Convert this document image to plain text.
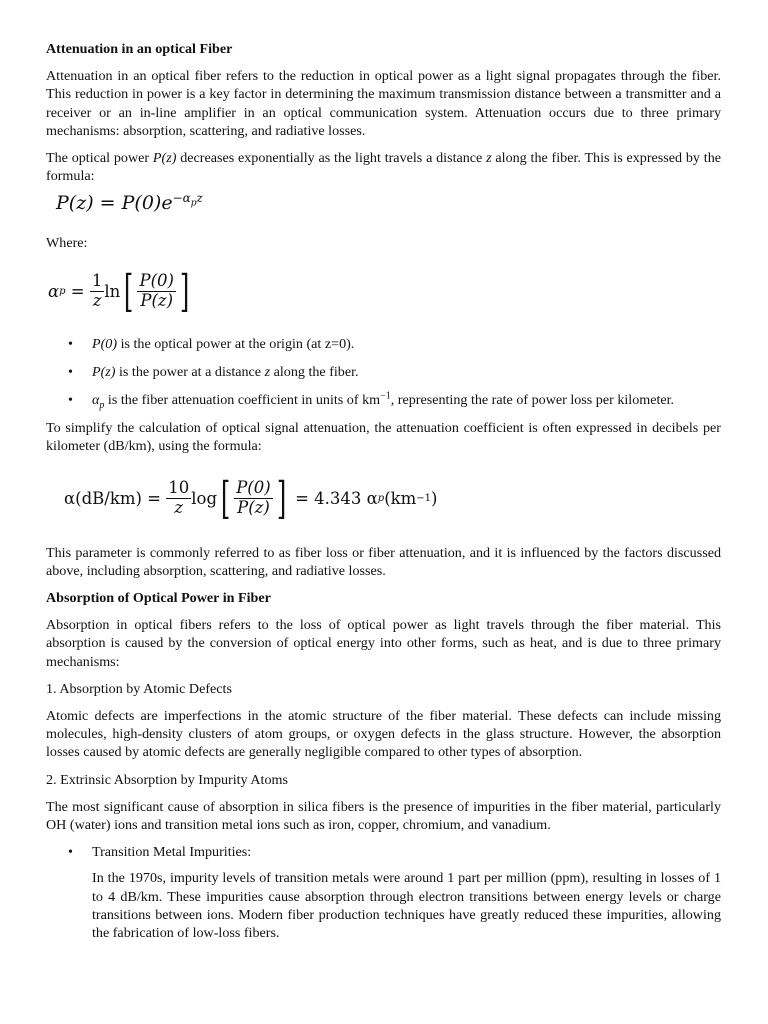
Attenuation in an optical Fiber

Attenuation in an optical fiber refers to the reduction in optical power as a light signal propagates through the fiber. This reduction in power is a key factor in determining the maximum transmission distance between a transmitter and a receiver or an in-line amplifier in an optical communication system. Attenuation occurs due to three primary mechanisms: absorption, scattering, and radiative losses.

The optical power P(z) decreases exponentially as the light travels a distance z along the fiber. This is expressed by the formula:

$P(z) = P(0)e^{-\alpha_pz}$
Where:
α $p = \frac{1}{z}$ ln [ $\frac{P(0)}{P(z)}$ ]
• P(0) is the optical power at the origin (at z=0).
• P(z) is the power at a distance z along the fiber.
• $\alpha_p$ is the fiber attenuation coefficient in units of $km^{-1}$, representing the rate of power loss per kilometer.

To simplify the calculation of optical signal attenuation, the attenuation coefficient is often expressed in decibels per kilometer (dB/km), using the formula:

$\alpha(dB/km) = \frac{10}{z}$ log [ $\frac{P(0)}{P(z)}$ ] = 4.343 α p (km −1 )

This parameter is commonly referred to as fiber loss or fiber attenuation, and it is influenced by the factors discussed above, including absorption, scattering, and radiative losses.

Absorption of Optical Power in Fiber

Absorption in optical fibers refers to the loss of optical power as light travels through the fiber material. This absorption is caused by the conversion of optical energy into other forms, such as heat, and is due to three primary mechanisms:

1. Absorption by Atomic Defects

Atomic defects are imperfections in the atomic structure of the fiber material. These defects can include missing molecules, high-density clusters of atom groups, or oxygen defects in the glass structure. However, the absorption losses caused by atomic defects are generally negligible compared to other types of absorption.

2. Extrinsic Absorption by Impurity Atoms

The most significant cause of absorption in silica fibers is the presence of impurities in the fiber material, particularly OH (water) ions and transition metal ions such as iron, copper, chromium, and vanadium.

• Transition Metal Impurities:
In the 1970s, impurity levels of transition metals were around 1 part per million (ppm), resulting in losses of 1 to 4 dB/km. These impurities cause absorption through electron transitions between energy levels or charge transitions between ions. Modern fiber production techniques have greatly reduced these impurities, allowing the fabrication of low-loss fibers.
